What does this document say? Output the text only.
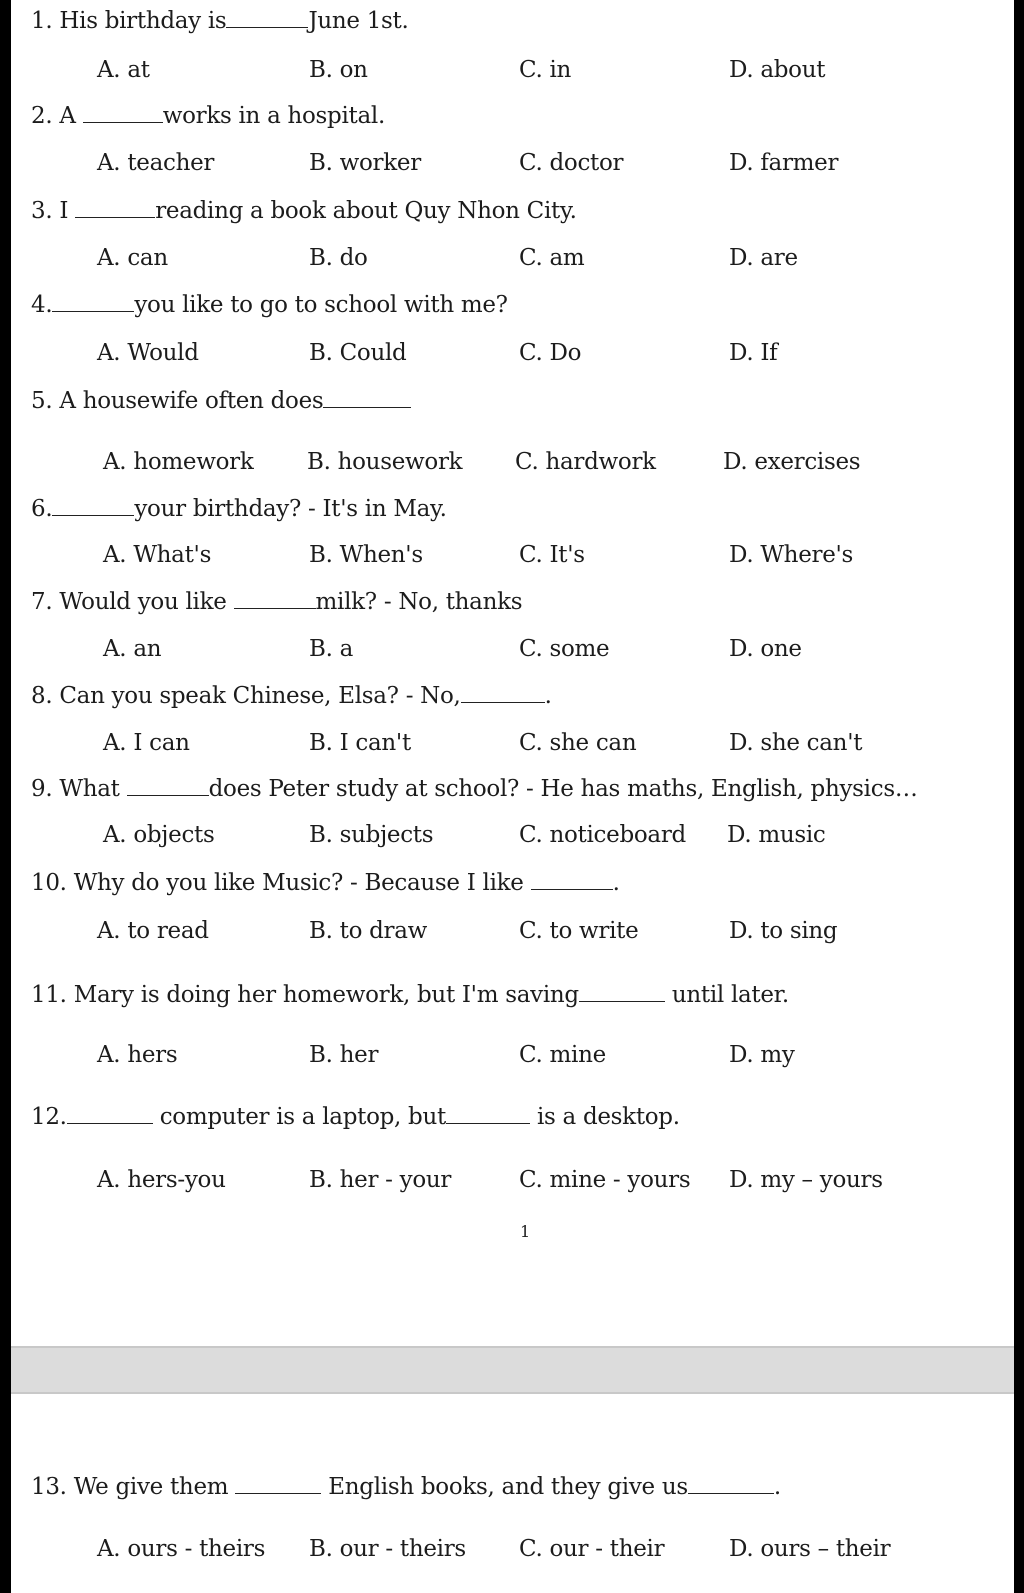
1. His birthday is	June 1st.
A. at	B. on	C. in	D. about
2. A	works in a hospital.
A. teacher	B. worker	C. doctor	D. farmer
3. I	reading a book about Quy Nhon City.
A. can	B. do	C. am	D. are
4.	you like to go to school with me?
A. Would	B. Could	C. Do	D. If
5. A housewife often does
A. homework B. housework C. hardwork	D. exercises
6.	your birthday? - It's in May.
A. What's	B. When's	C. It's	D. Where's
7. Would you like	milk? - No, thanks
A. an	B. a	C. some	D. one
8. Can you speak Chinese, Elsa? - No,	.
A. I can	B. I can't	C. she can	D. she can't
9. What	does Peter study at school? - He has maths, English, physics…
A. objects	B. subjects	C. noticeboard D. music
10. Why do you like Music? - Because I like	.
A. to read	B. to draw	C. to write	D. to sing
11. Mary is doing her homework, but I'm saving	until later.
A. hers	B. her	C. mine	D. my
12.	computer is a laptop, but	is a desktop.
A. hers-you	B. her - your	C. mine - yours D. my – yours
1
13. We give them	English books, and they give us	.
A. ours - theirs B. our - theirs C. our - their	D. ours – their
